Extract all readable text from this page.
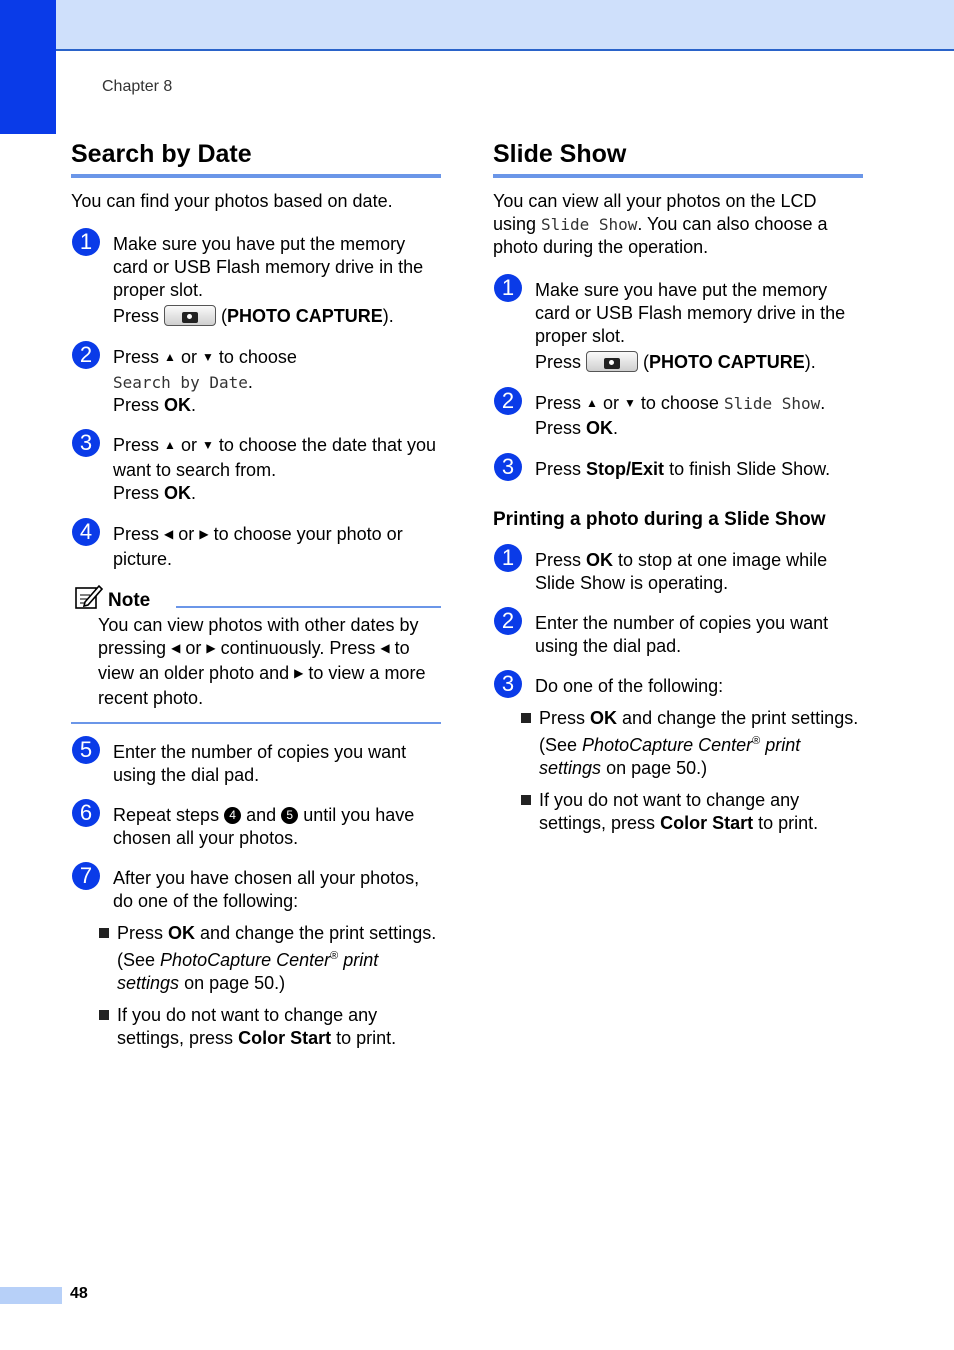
Chapter 8
Search by Date
You can find your photos based on date.
1	Make sure you have put the memory card or USB Flash memory drive in the proper slot.
Press	(PHOTO CAPTURE).
2	Press ▲ or ▼ to choose
Search by Date.
Press OK.
3	Press ▲ or ▼ to choose the date that you want to search from.
Press OK.
4	Press ◀ or ▶ to choose your photo or picture.
Note
You can view photos with other dates by pressing ◀ or ▶ continuously. Press ◀ to view an older photo and ▶ to view a more recent photo.
5	Enter the number of copies you want using the dial pad.
6	Repeat steps 4 and 5 until you have chosen all your photos.
7	After you have chosen all your photos, do one of the following:
Press OK and change the print settings. (See PhotoCapture Center® print settings on page 50.)
If you do not want to change any settings, press Color Start to print.
Slide Show
You can view all your photos on the LCD using Slide Show. You can also choose a photo during the operation.
1	Make sure you have put the memory card or USB Flash memory drive in the proper slot.
Press	(PHOTO CAPTURE).
2	Press ▲ or ▼ to choose Slide Show.
Press OK.
3	Press Stop/Exit to finish Slide Show.
Printing a photo during a Slide Show
1	Press OK to stop at one image while Slide Show is operating.
2	Enter the number of copies you want using the dial pad.
3	Do one of the following:
Press OK and change the print settings. (See PhotoCapture Center® print settings on page 50.)
If you do not want to change any settings, press Color Start to print.
48
